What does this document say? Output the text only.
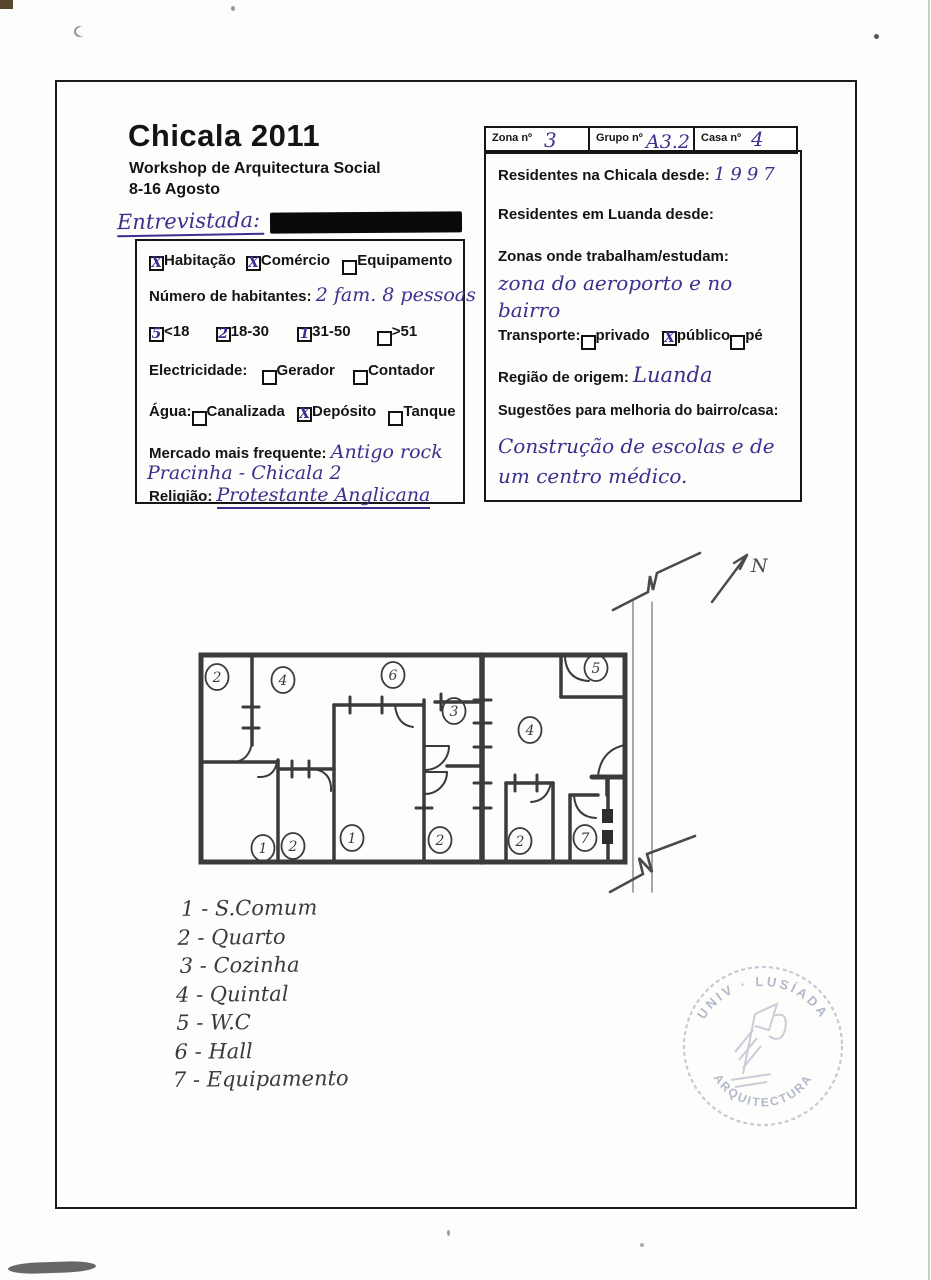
Chicala 2011
Workshop de Arquitectura Social
8-16 Agosto
Entrevistada:
Zona nº 3	Grupo nº A3.2 Casa nº 4
X Habitação X Comércio Equipamento
Número de habitantes: 2 fam. 8 pessoas
5 <18 2 18-30 1 31-50	>51
Electricidade: Gerador Contador
Água: Canalizada X Depósito Tanque
Mercado mais frequente: Antigo rock
Pracinha - Chicala 2
Religião: Protestante Anglicana
Residentes na Chicala desde: 1997
Residentes em Luanda desde:
Zonas onde trabalham/estudam:
zona do aeroporto e no
bairro
Transporte: privado X público pé
Região de origem: Luanda
Sugestões para melhoria do bairro/casa:
Construção de escolas e de
um centro médico.
N
2	4	6	5
3
4
1 2	1	2	2	7
1 - S.Comum
2 - Quarto
3 - Cozinha
4 - Quintal
5 - W.C
6 - Hall
7 - Equipamento
UNIV · LUSÍADA
ARQUITECTURA
